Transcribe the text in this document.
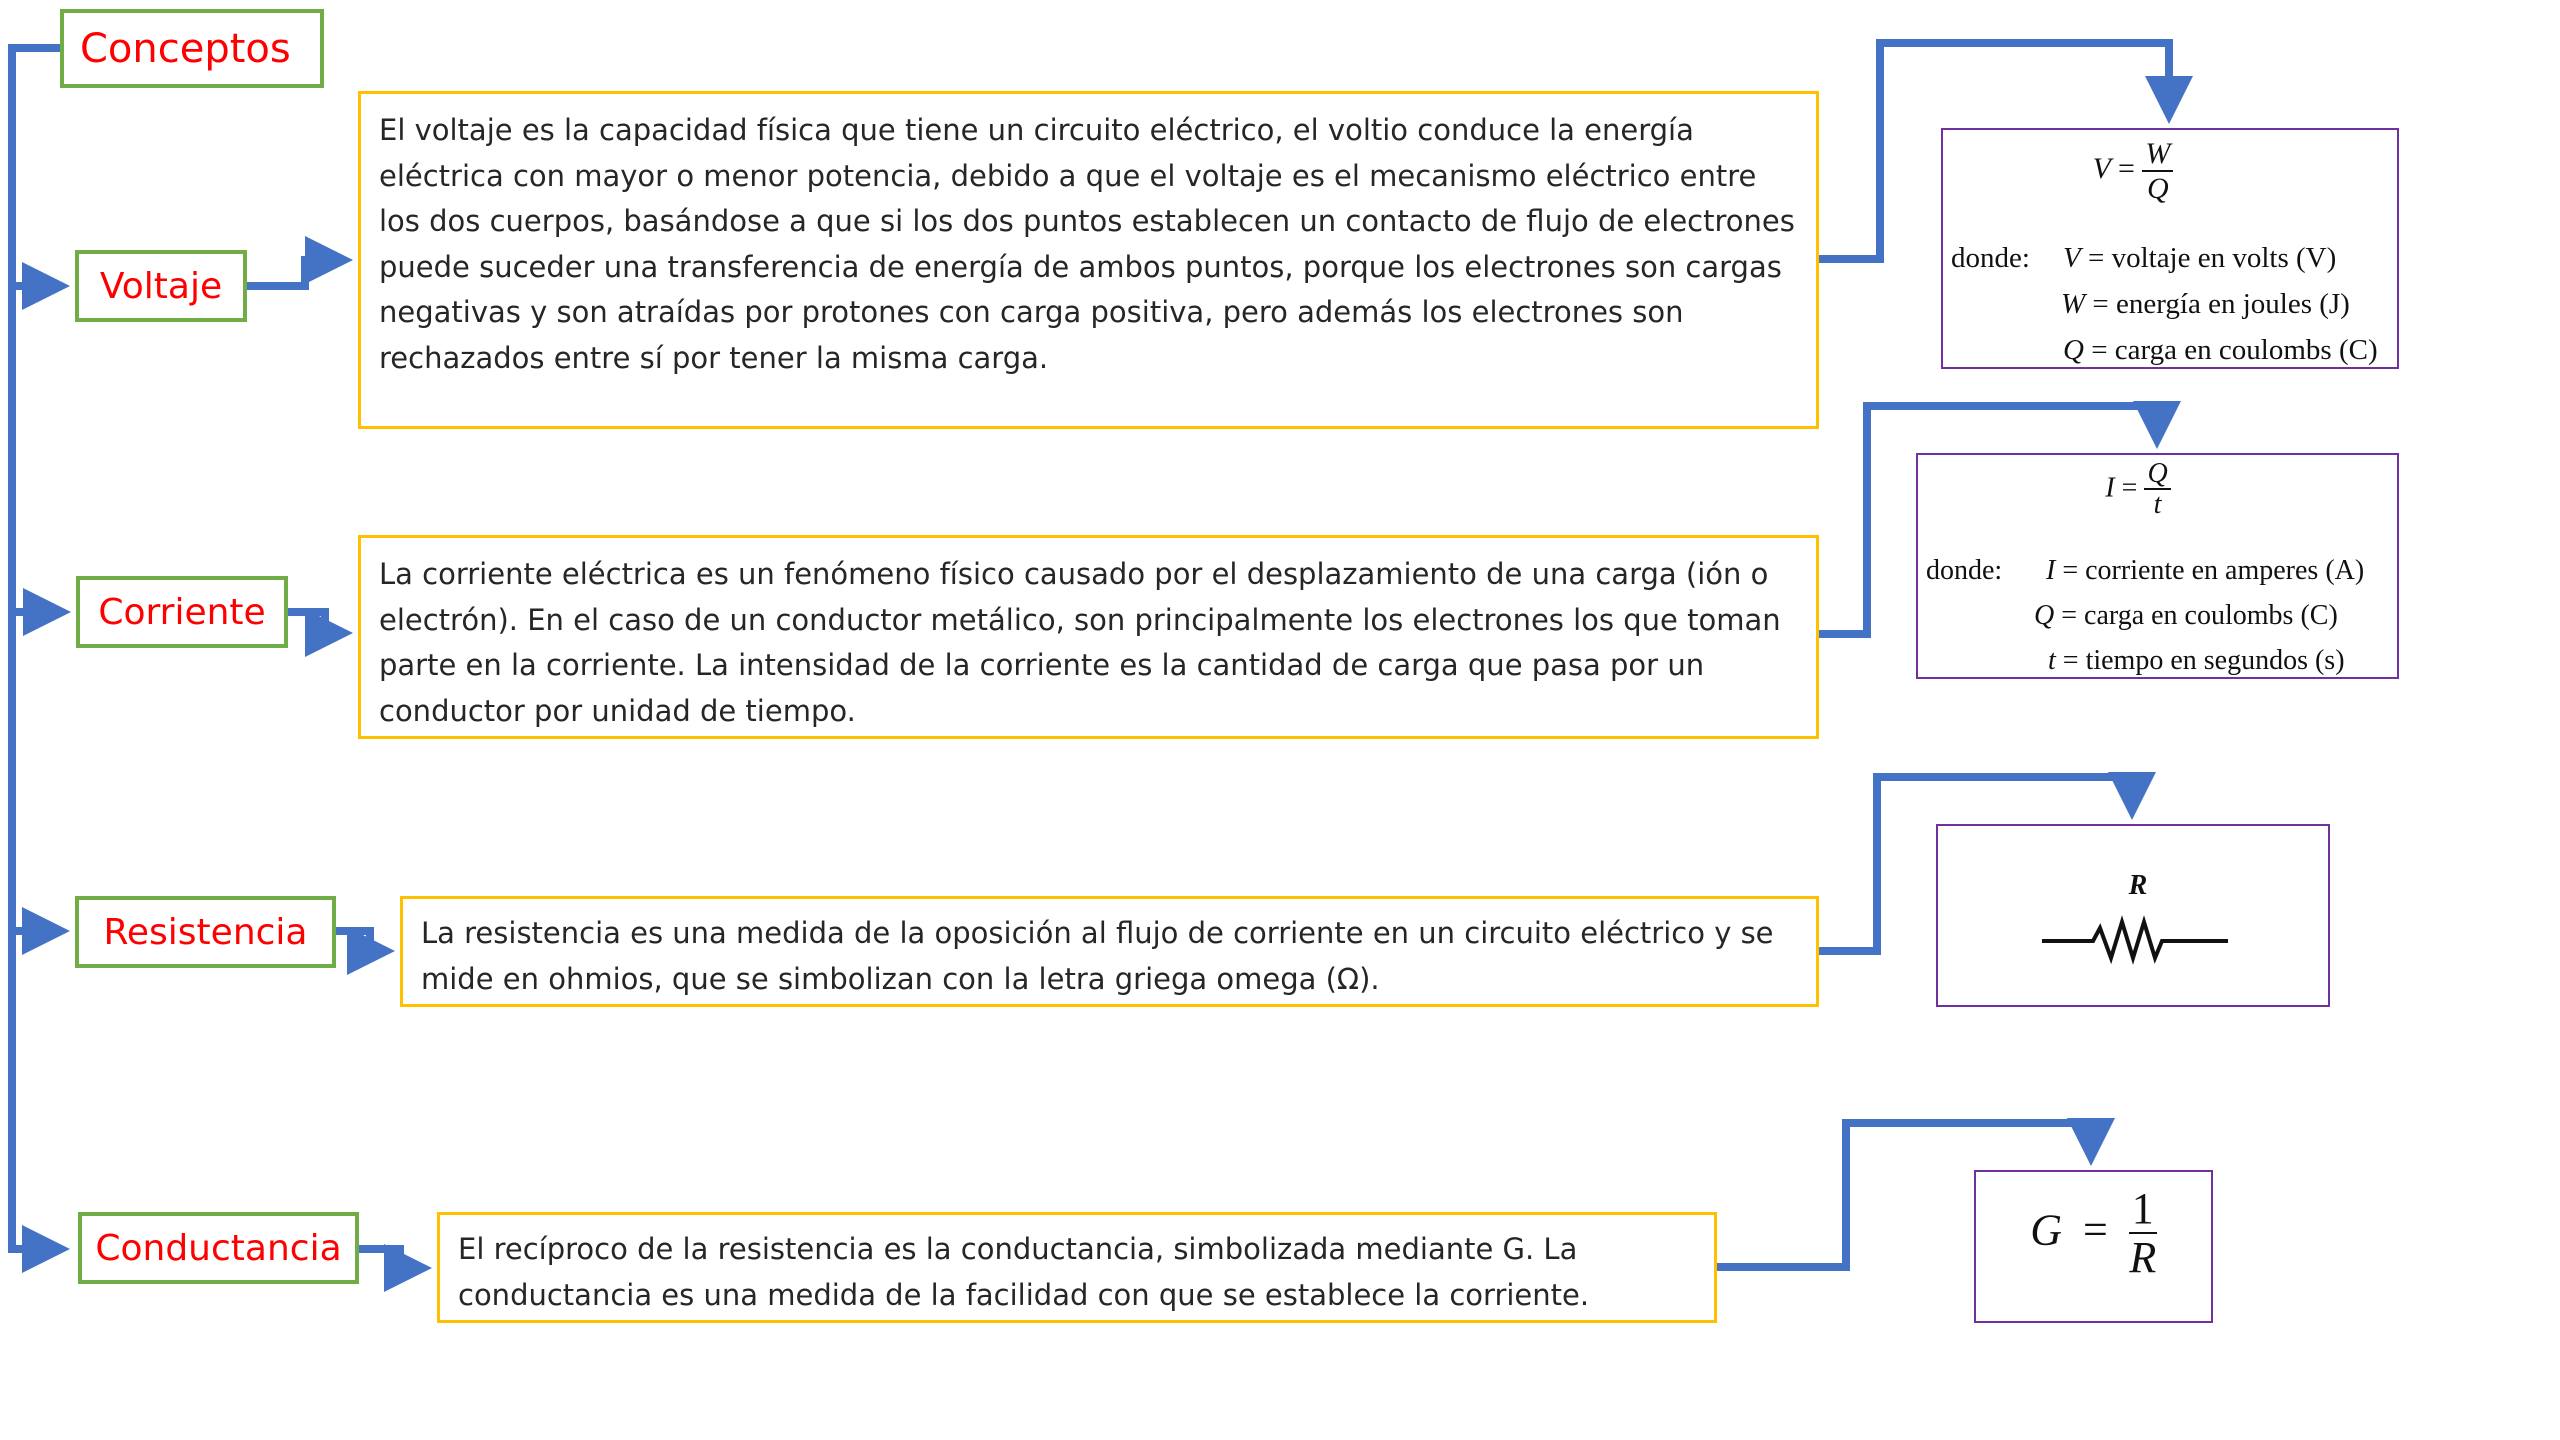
Conceptos
Voltaje
Corriente
Resistencia
Conductancia
El voltaje es la capacidad física que tiene un circuito eléctrico, el voltio conduce la energía eléctrica con mayor o menor potencia, debido a que el voltaje es el mecanismo eléctrico entre los dos cuerpos, basándose a que si los dos puntos establecen un contacto de flujo de electrones puede suceder una transferencia de energía de ambos puntos, porque los electrones son cargas negativas y son atraídas por protones con carga positiva, pero además los electrones son rechazados entre sí por tener la misma carga.
La corriente eléctrica es un fenómeno físico causado por el desplazamiento de una carga (ión o electrón). En el caso de un conductor metálico, son principalmente los electrones los que toman parte en la corriente. La intensidad de la corriente es la cantidad de carga que pasa por un conductor por unidad de tiempo.
La resistencia es una medida de la oposición al flujo de corriente en un circuito eléctrico y se mide en ohmios, que se simbolizan con la letra griega omega (Ω).
El recíproco de la resistencia es la conductancia, simbolizada mediante G. La conductancia es una medida de la facilidad con que se establece la corriente.
$V = \frac{W}{Q}$
donde: V = voltaje en volts (V)
W = energía en joules (J)
Q = carga en coulombs (C)
$I = \frac{Q}{t}$
donde: I = corriente en amperes (A)
Q = carga en coulombs (C)
t = tiempo en segundos (s)
R
$G = \frac{1}{R}$
